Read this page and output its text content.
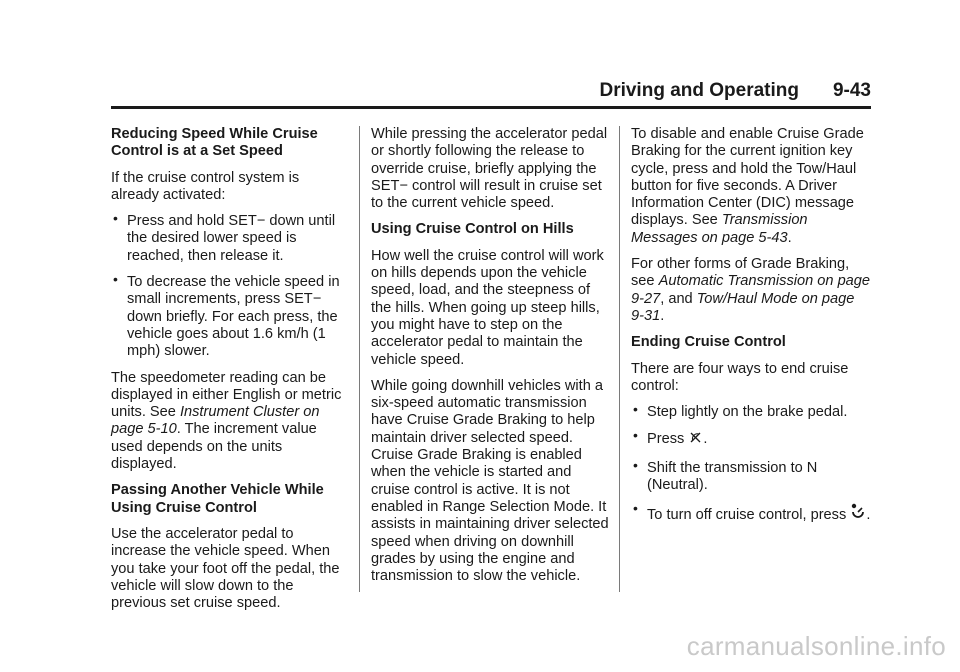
Driving and Operating 9-43
Reducing Speed While Cruise Control is at a Set Speed
If the cruise control system is already activated:
• Press and hold SET− down until the desired lower speed is reached, then release it.
• To decrease the vehicle speed in small increments, press SET− down briefly. For each press, the vehicle goes about 1.6 km/h (1 mph) slower.
The speedometer reading can be displayed in either English or metric units. See Instrument Cluster on page 5-10. The increment value used depends on the units displayed.
Passing Another Vehicle While Using Cruise Control
Use the accelerator pedal to increase the vehicle speed. When you take your foot off the pedal, the vehicle will slow down to the previous set cruise speed.
While pressing the accelerator pedal or shortly following the release to override cruise, briefly applying the SET− control will result in cruise set to the current vehicle speed.
Using Cruise Control on Hills
How well the cruise control will work on hills depends upon the vehicle speed, load, and the steepness of the hills. When going up steep hills, you might have to step on the accelerator pedal to maintain the vehicle speed.
While going downhill vehicles with a six-speed automatic transmission have Cruise Grade Braking to help maintain driver selected speed. Cruise Grade Braking is enabled when the vehicle is started and cruise control is active. It is not enabled in Range Selection Mode. It assists in maintaining driver selected speed when driving on downhill grades by using the engine and transmission to slow the vehicle.
To disable and enable Cruise Grade Braking for the current ignition key cycle, press and hold the Tow/Haul button for five seconds. A Driver Information Center (DIC) message displays. See Transmission Messages on page 5-43.
For other forms of Grade Braking, see Automatic Transmission on page 9-27, and Tow/Haul Mode on page 9-31.
Ending Cruise Control
There are four ways to end cruise control:
• Step lightly on the brake pedal.
• Press .
• Shift the transmission to N (Neutral).
• To turn off cruise control, press .
carmanualsonline.info
